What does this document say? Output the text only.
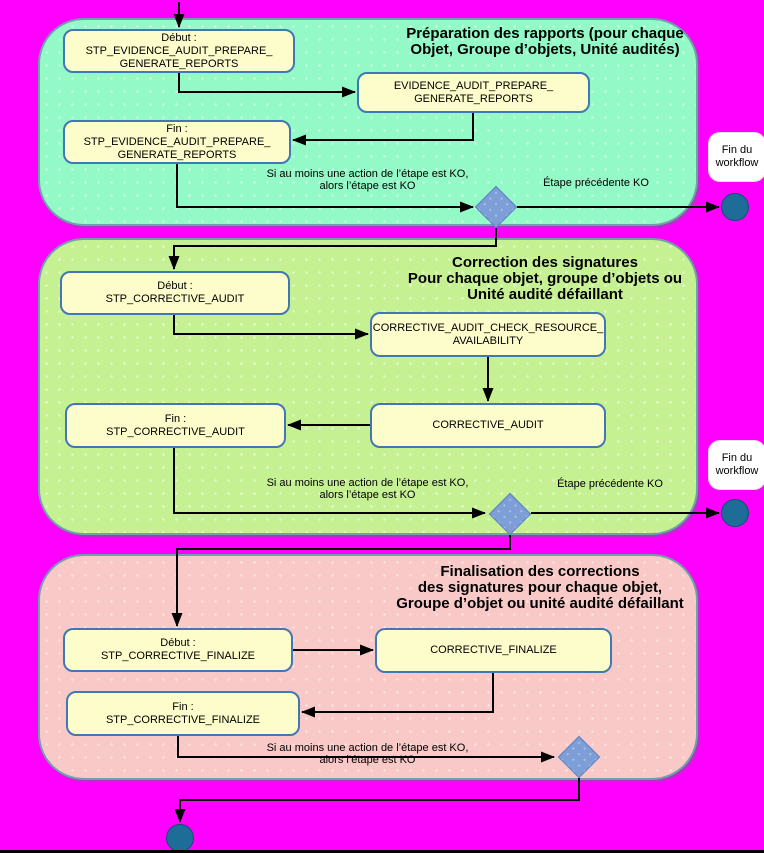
Préparation des rapports (pour chaque
Objet, Groupe d’objets, Unité audités)
Début :
STP_EVIDENCE_AUDIT_PREPARE_
GENERATE_REPORTS
EVIDENCE_AUDIT_PREPARE_
GENERATE_REPORTS
Fin :
STP_EVIDENCE_AUDIT_PREPARE_
GENERATE_REPORTS
Si au moins une action de l’étape est KO,
alors l’étape est KO	Étape précédente KO
Fin du
workflow
Correction des signatures
Pour chaque objet, groupe d’objets ou
Unité audité défaillant
Début :
STP_CORRECTIVE_AUDIT
CORRECTIVE_AUDIT_CHECK_RESOURCE_
AVAILABILITY
CORRECTIVE_AUDIT
Fin :
STP_CORRECTIVE_AUDIT
Si au moins une action de l’étape est KO,
alors l’étape est KO
Étape précédente KO
Fin du
workflow
Finalisation des corrections
des signatures pour chaque objet,
Groupe d’objet ou unité audité défaillant
Début :
STP_CORRECTIVE_FINALIZE	CORRECTIVE_FINALIZE
Fin :
STP_CORRECTIVE_FINALIZE
Si au moins une action de l’étape est KO,
alors l’étape est KO
